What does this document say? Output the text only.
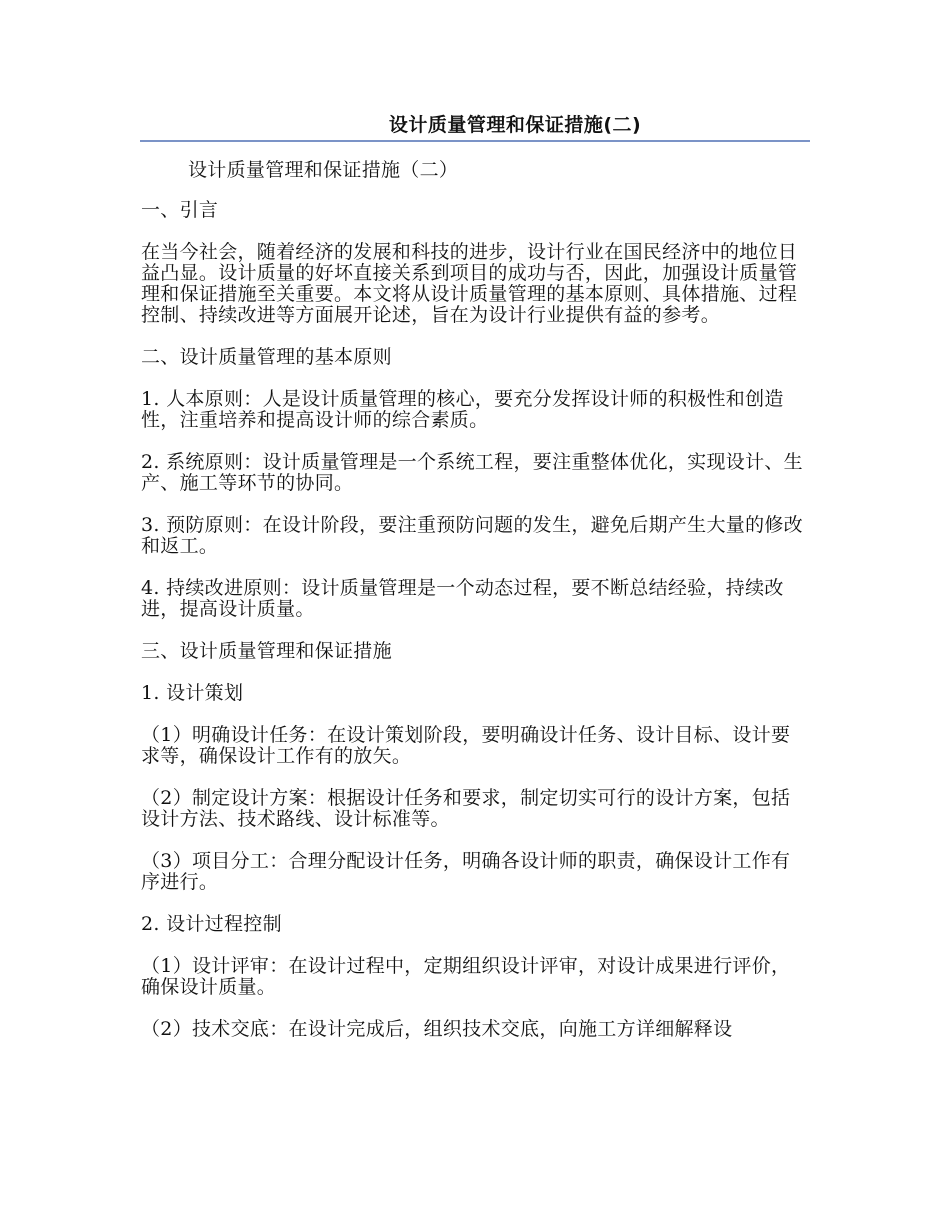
设计质量管理和保证措施(二)

设计质量管理和保证措施（二）

一、引言

在当今社会，随着经济的发展和科技的进步，设计行业在国民经济中的地位日益凸显。设计质量的好坏直接关系到项目的成功与否，因此，加强设计质量管理和保证措施至关重要。本文将从设计质量管理的基本原则、具体措施、过程控制、持续改进等方面展开论述，旨在为设计行业提供有益的参考。

二、设计质量管理的基本原则

1. 人本原则：人是设计质量管理的核心，要充分发挥设计师的积极性和创造性，注重培养和提高设计师的综合素质。

2. 系统原则：设计质量管理是一个系统工程，要注重整体优化，实现设计、生产、施工等环节的协同。

3. 预防原则：在设计阶段，要注重预防问题的发生，避免后期产生大量的修改和返工。

4. 持续改进原则：设计质量管理是一个动态过程，要不断总结经验，持续改进，提高设计质量。

三、设计质量管理和保证措施

1. 设计策划

（1）明确设计任务：在设计策划阶段，要明确设计任务、设计目标、设计要求等，确保设计工作有的放矢。

（2）制定设计方案：根据设计任务和要求，制定切实可行的设计方案，包括设计方法、技术路线、设计标准等。

（3）项目分工：合理分配设计任务，明确各设计师的职责，确保设计工作有序进行。

2. 设计过程控制

（1）设计评审：在设计过程中，定期组织设计评审，对设计成果进行评价，确保设计质量。

（2）技术交底：在设计完成后，组织技术交底，向施工方详细解释设
